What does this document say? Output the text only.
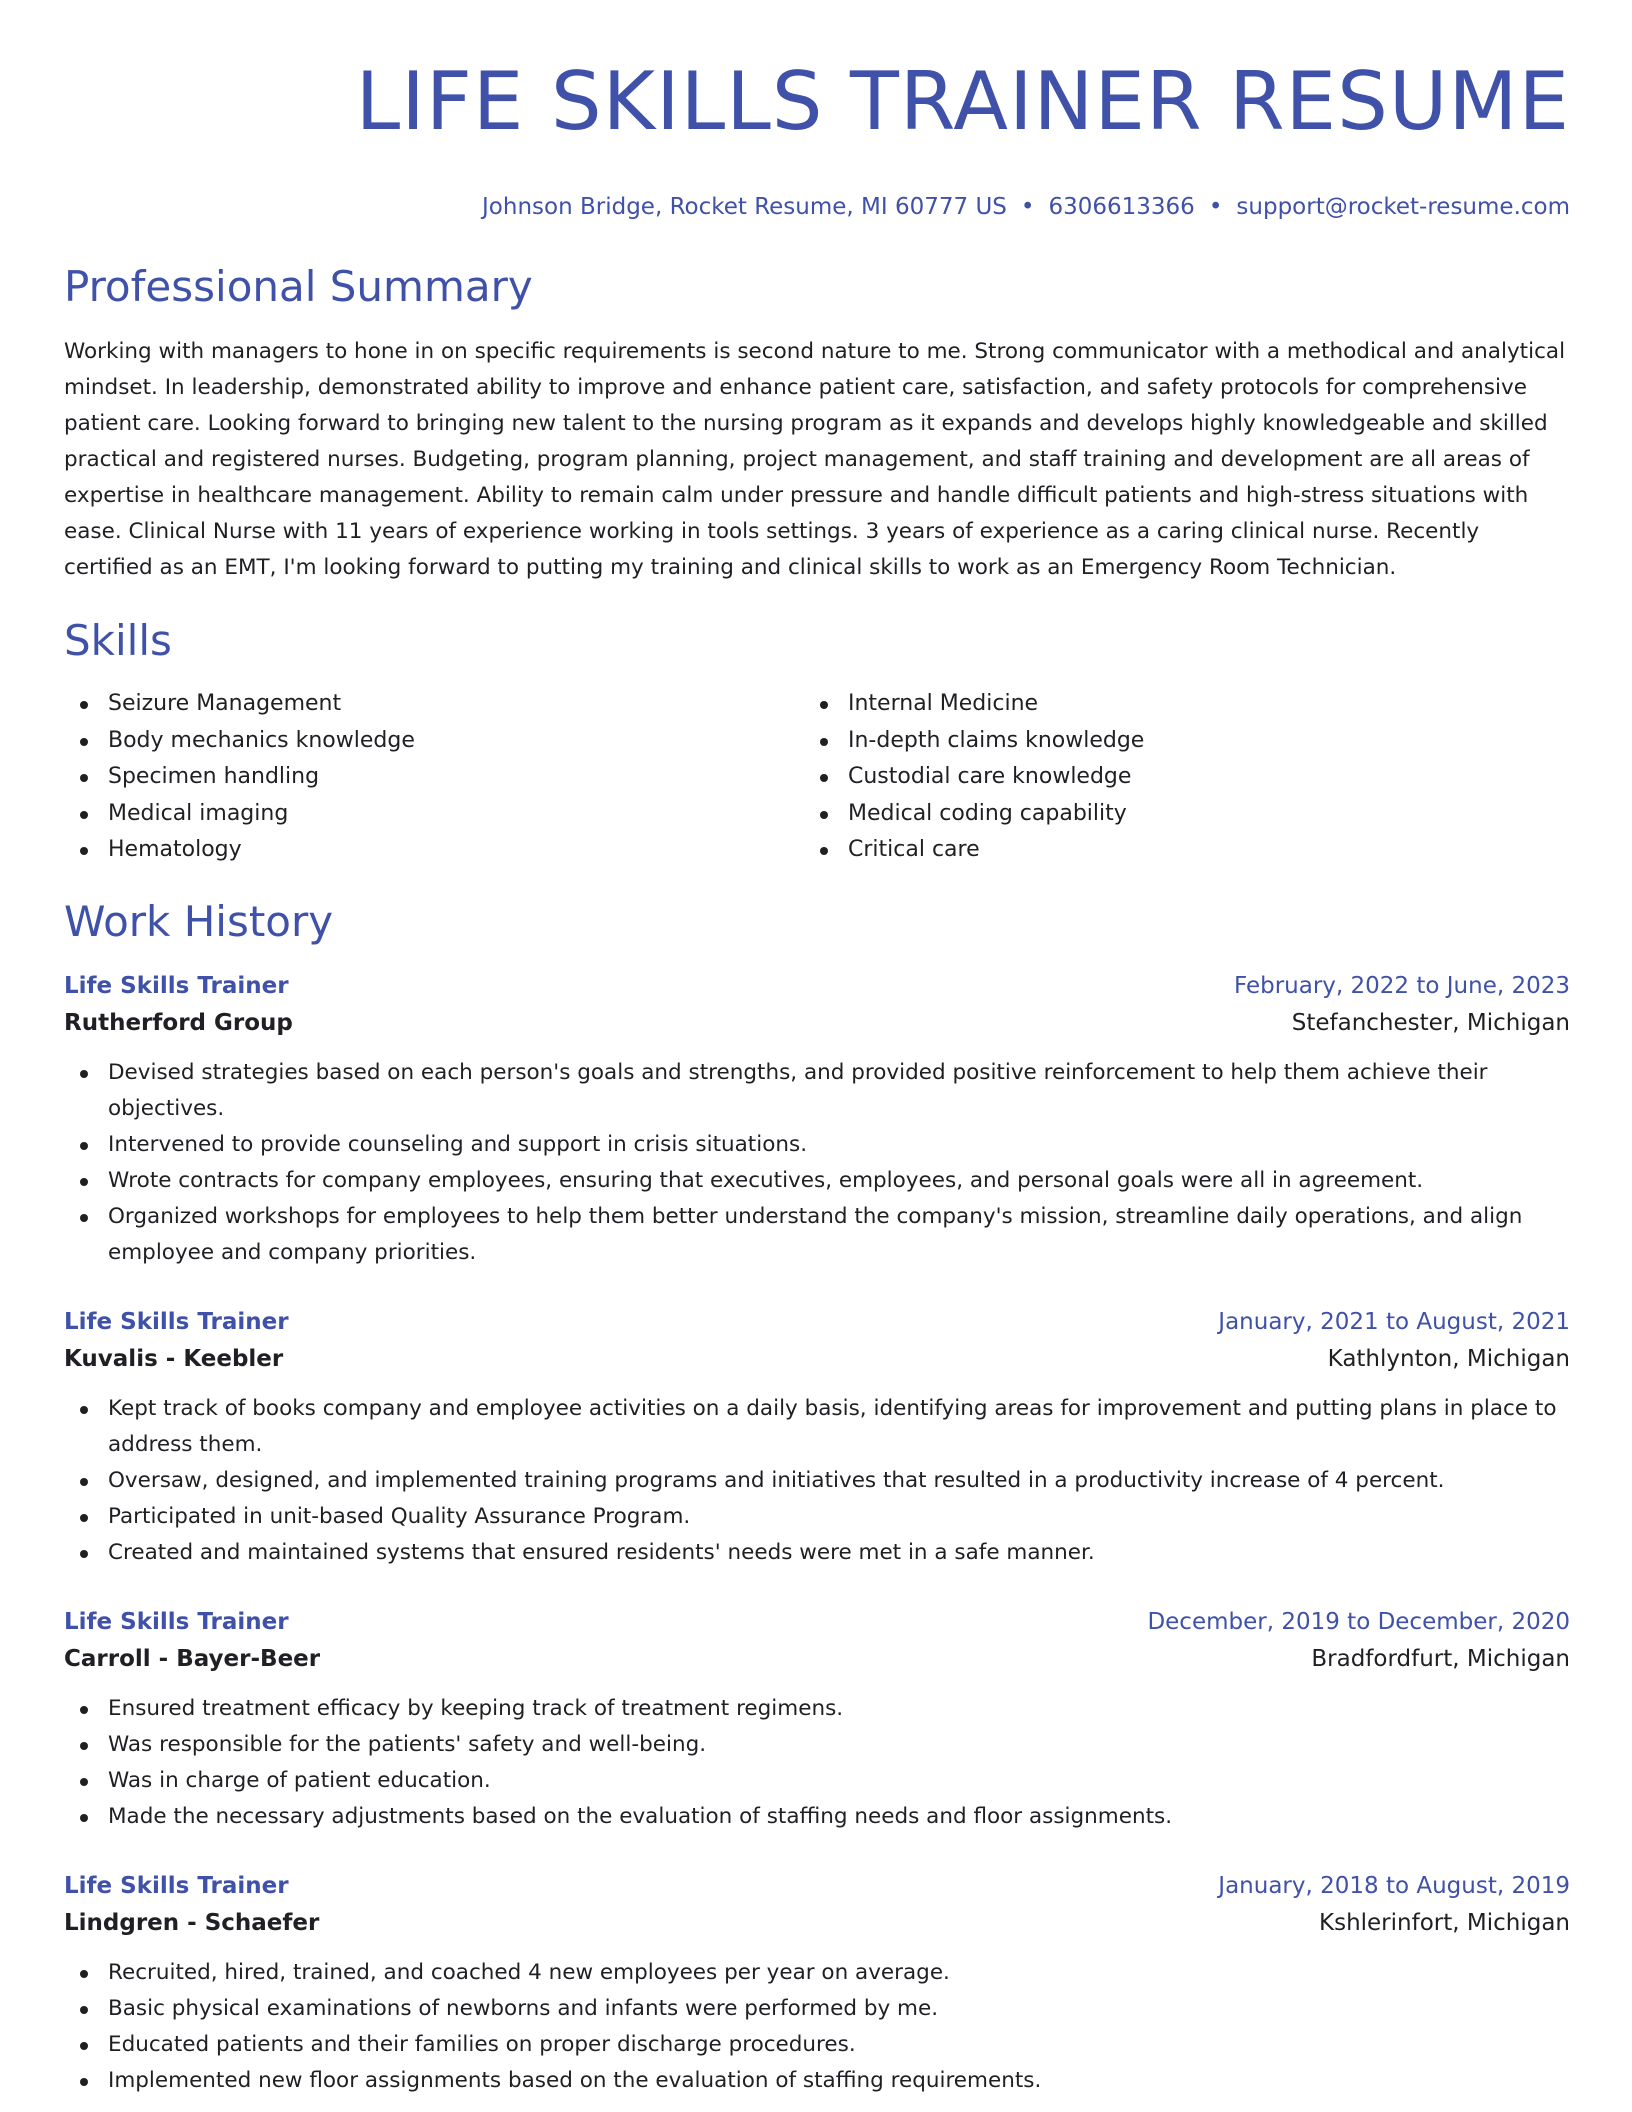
LIFE SKILLS TRAINER RESUME
Johnson Bridge, Rocket Resume, MI 60777 US • 6306613366 • support@rocket-resume.com
Professional Summary

Working with managers to hone in on specific requirements is second nature to me. Strong communicator with a methodical and analytical mindset. In leadership, demonstrated ability to improve and enhance patient care, satisfaction, and safety protocols for comprehensive patient care. Looking forward to bringing new talent to the nursing program as it expands and develops highly knowledgeable and skilled practical and registered nurses. Budgeting, program planning, project management, and staff training and development are all areas of expertise in healthcare management. Ability to remain calm under pressure and handle difficult patients and high-stress situations with ease. Clinical Nurse with 11 years of experience working in tools settings. 3 years of experience as a caring clinical nurse. Recently certified as an EMT, I'm looking forward to putting my training and clinical skills to work as an Emergency Room Technician.

Skills
Seizure Management
Body mechanics knowledge
Specimen handling
Medical imaging
Hematology
Internal Medicine
In-depth claims knowledge
Custodial care knowledge
Medical coding capability
Critical care
Work History
Life Skills Trainer	February, 2022 to June, 2023
Rutherford Group	Stefanchester, Michigan
Devised strategies based on each person's goals and strengths, and provided positive reinforcement to help them achieve their objectives.
Intervened to provide counseling and support in crisis situations.
Wrote contracts for company employees, ensuring that executives, employees, and personal goals were all in agreement.
Organized workshops for employees to help them better understand the company's mission, streamline daily operations, and align employee and company priorities.
Life Skills Trainer	January, 2021 to August, 2021
Kuvalis - Keebler	Kathlynton, Michigan
Kept track of books company and employee activities on a daily basis, identifying areas for improvement and putting plans in place to address them.
Oversaw, designed, and implemented training programs and initiatives that resulted in a productivity increase of 4 percent.
Participated in unit-based Quality Assurance Program.
Created and maintained systems that ensured residents' needs were met in a safe manner.
Life Skills Trainer	December, 2019 to December, 2020
Carroll - Bayer-Beer	Bradfordfurt, Michigan
Ensured treatment efficacy by keeping track of treatment regimens.
Was responsible for the patients' safety and well-being.
Was in charge of patient education.
Made the necessary adjustments based on the evaluation of staffing needs and floor assignments.
Life Skills Trainer	January, 2018 to August, 2019
Lindgren - Schaefer	Kshlerinfort, Michigan
Recruited, hired, trained, and coached 4 new employees per year on average.
Basic physical examinations of newborns and infants were performed by me.
Educated patients and their families on proper discharge procedures.
Implemented new floor assignments based on the evaluation of staffing requirements.
